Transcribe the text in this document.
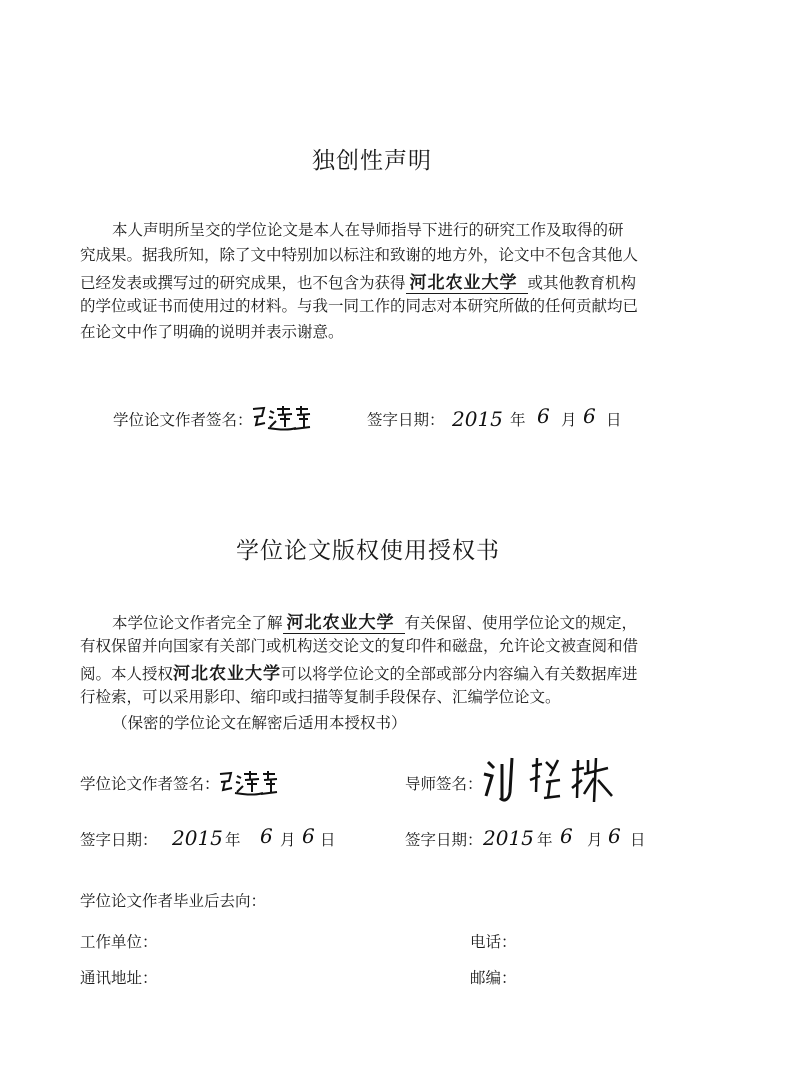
独创性声明
本人声明所呈交的学位论文是本人在导师指导下进行的研究工作及取得的研
究成果。据我所知，除了文中特别加以标注和致谢的地方外，论文中不包含其他人
已经发表或撰写过的研究成果，也不包含为获得 河北农业大学 或其他教育机构
的学位或证书而使用过的材料。与我一同工作的同志对本研究所做的任何贡献均已
在论文中作了明确的说明并表示谢意。
学位论文作者签名：	签字日期： 2015 年 6 月 6 日
学位论文版权使用授权书
本学位论文作者完全了解 河北农业大学 有关保留、使用学位论文的规定，
有权保留并向国家有关部门或机构送交论文的复印件和磁盘，允许论文被查阅和借
阅。本人授权河北农业大学可以将学位论文的全部或部分内容编入有关数据库进
行检索，可以采用影印、缩印或扫描等复制手段保存、汇编学位论文。
（保密的学位论文在解密后适用本授权书）
学位论文作者签名：	导师签名：
签字日期： 2015 年 6 月 6 日	签字日期： 2015 年 6 月 6 日
学位论文作者毕业后去向：
工作单位：	电话：
通讯地址：	邮编：
